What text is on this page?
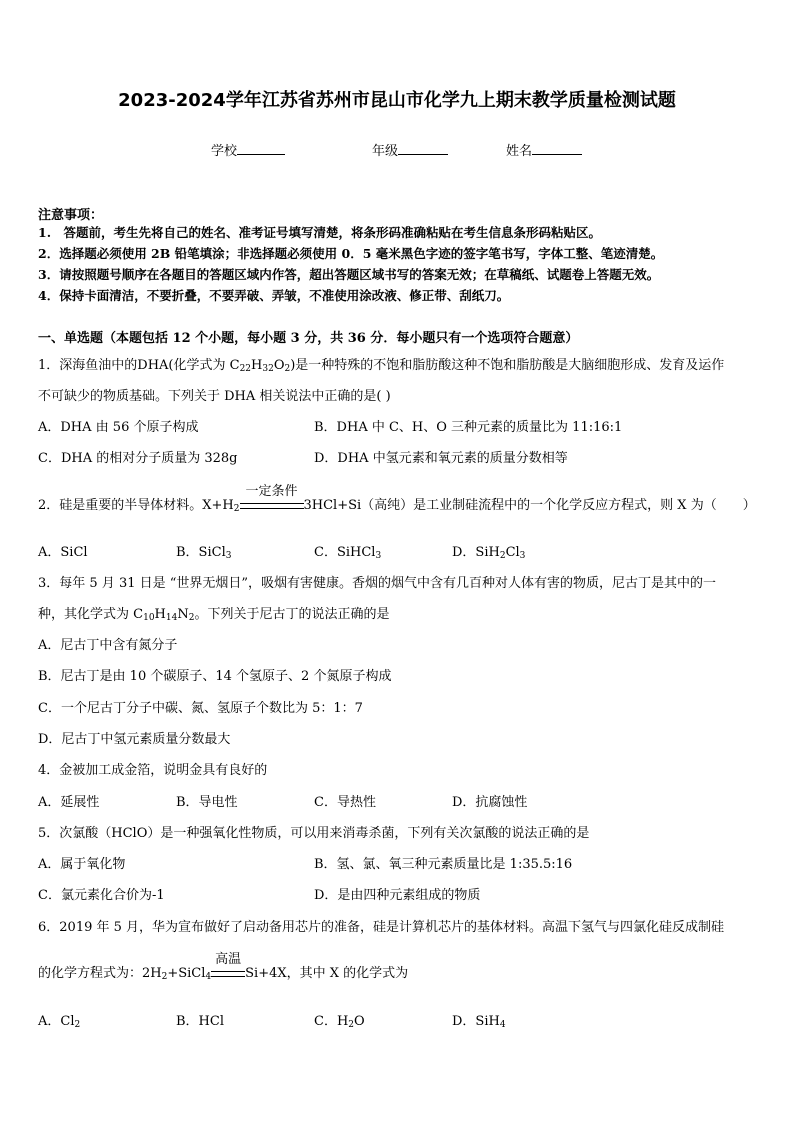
2023-2024学年江苏省苏州市昆山市化学九上期末教学质量检测试题
学校	年级	姓名
注意事项：
1.　答题前，考生先将自己的姓名、准考证号填写清楚，将条形码准确粘贴在考生信息条形码粘贴区。
2．选择题必须使用 2B 铅笔填涂；非选择题必须使用 0．5 毫米黑色字迹的签字笔书写，字体工整、笔迹清楚。
3．请按照题号顺序在各题目的答题区域内作答，超出答题区域书写的答案无效；在草稿纸、试题卷上答题无效。
4．保持卡面清洁，不要折叠，不要弄破、弄皱，不准使用涂改液、修正带、刮纸刀。
一、单选题（本题包括 12 个小题，每小题 3 分，共 36 分．每小题只有一个选项符合题意）
1．深海鱼油中的DHA(化学式为 $C_{22}H_{32}O_2$)是一种特殊的不饱和脂肪酸这种不饱和脂肪酸是大脑细胞形成、发育及运作
不可缺少的物质基础。下列关于 DHA 相关说法中正确的是( )
A．DHA 由 56 个原子构成	B．DHA 中 C、H、O 三种元素的质量比为 11:16:1
C．DHA 的相对分子质量为 328g	D．DHA 中氢元素和氧元素的质量分数相等
2．硅是重要的半导体材料。$X+H_2$
一定条件
3HCl+Si（高纯）是工业制硅流程中的一个化学反应方程式，则 X 为（　　）
A．SiCl	B．SiCl$_3$	C．SiHCl$_3$	D．$SiH_2Cl_3$
3．每年 5 月 31 日是 “世界无烟日”，吸烟有害健康。香烟的烟气中含有几百种对人体有害的物质，尼古丁是其中的一
种，其化学式为 $C_{10}H_{14}N_2$。下列关于尼古丁的说法正确的是
A．尼古丁中含有氮分子
B．尼古丁是由 10 个碳原子、14 个氢原子、2 个氮原子构成
C．一个尼古丁分子中碳、氮、氢原子个数比为 5：1：7
D．尼古丁中氢元素质量分数最大
4．金被加工成金箔，说明金具有良好的
A．延展性	B．导电性	C．导热性	D．抗腐蚀性
5．次氯酸（HClO）是一种强氧化性物质，可以用来消毒杀菌，下列有关次氯酸的说法正确的是
A．属于氧化物	B．氢、氯、氧三种元素质量比是 1:35.5:16
C．氯元素化合价为-1	D．是由四种元素组成的物质
6．2019 年 5 月，华为宣布做好了启动备用芯片的准备，硅是计算机芯片的基体材料。高温下氢气与四氯化硅反成制硅
的化学方程式为：$2H_2+SiCl_4$
高温
Si+4X，其中 X 的化学式为
A．$Cl_2$	B．HCl	C．$H_2O$	D．SiH$_4$
